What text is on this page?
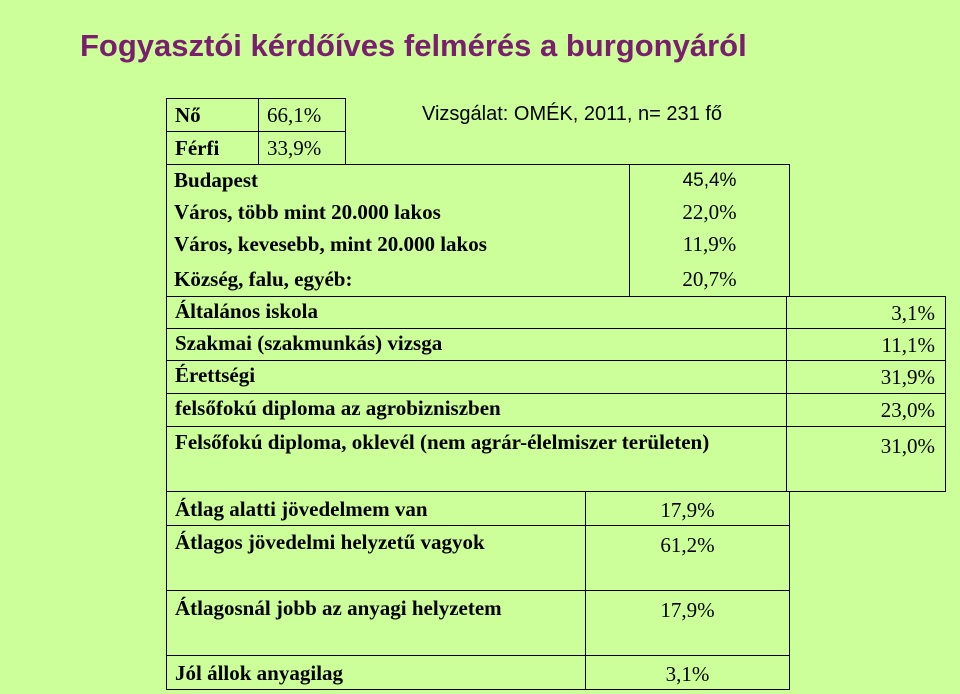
Fogyasztói kérdőíves felmérés a burgonyáról
Nő	66,1%
Férfi	33,9%
Vizsgálat: OMÉK, 2011, n= 231 fő
Budapest	45,4%
Város, több mint 20.000 lakos	22,0%
Város, kevesebb, mint 20.000 lakos	11,9%
Község, falu, egyéb:	20,7%
Általános iskola	3,1%
Szakmai (szakmunkás) vizsga	11,1%
Érettségi	31,9%
felsőfokú diploma az agrobizniszben	23,0%
Felsőfokú diploma, oklevél (nem agrár-élelmiszer területen)	31,0%
Átlag alatti jövedelmem van	17,9%
Átlagos jövedelmi helyzetű vagyok	61,2%
Átlagosnál jobb az anyagi helyzetem	17,9%
Jól állok anyagilag	3,1%
